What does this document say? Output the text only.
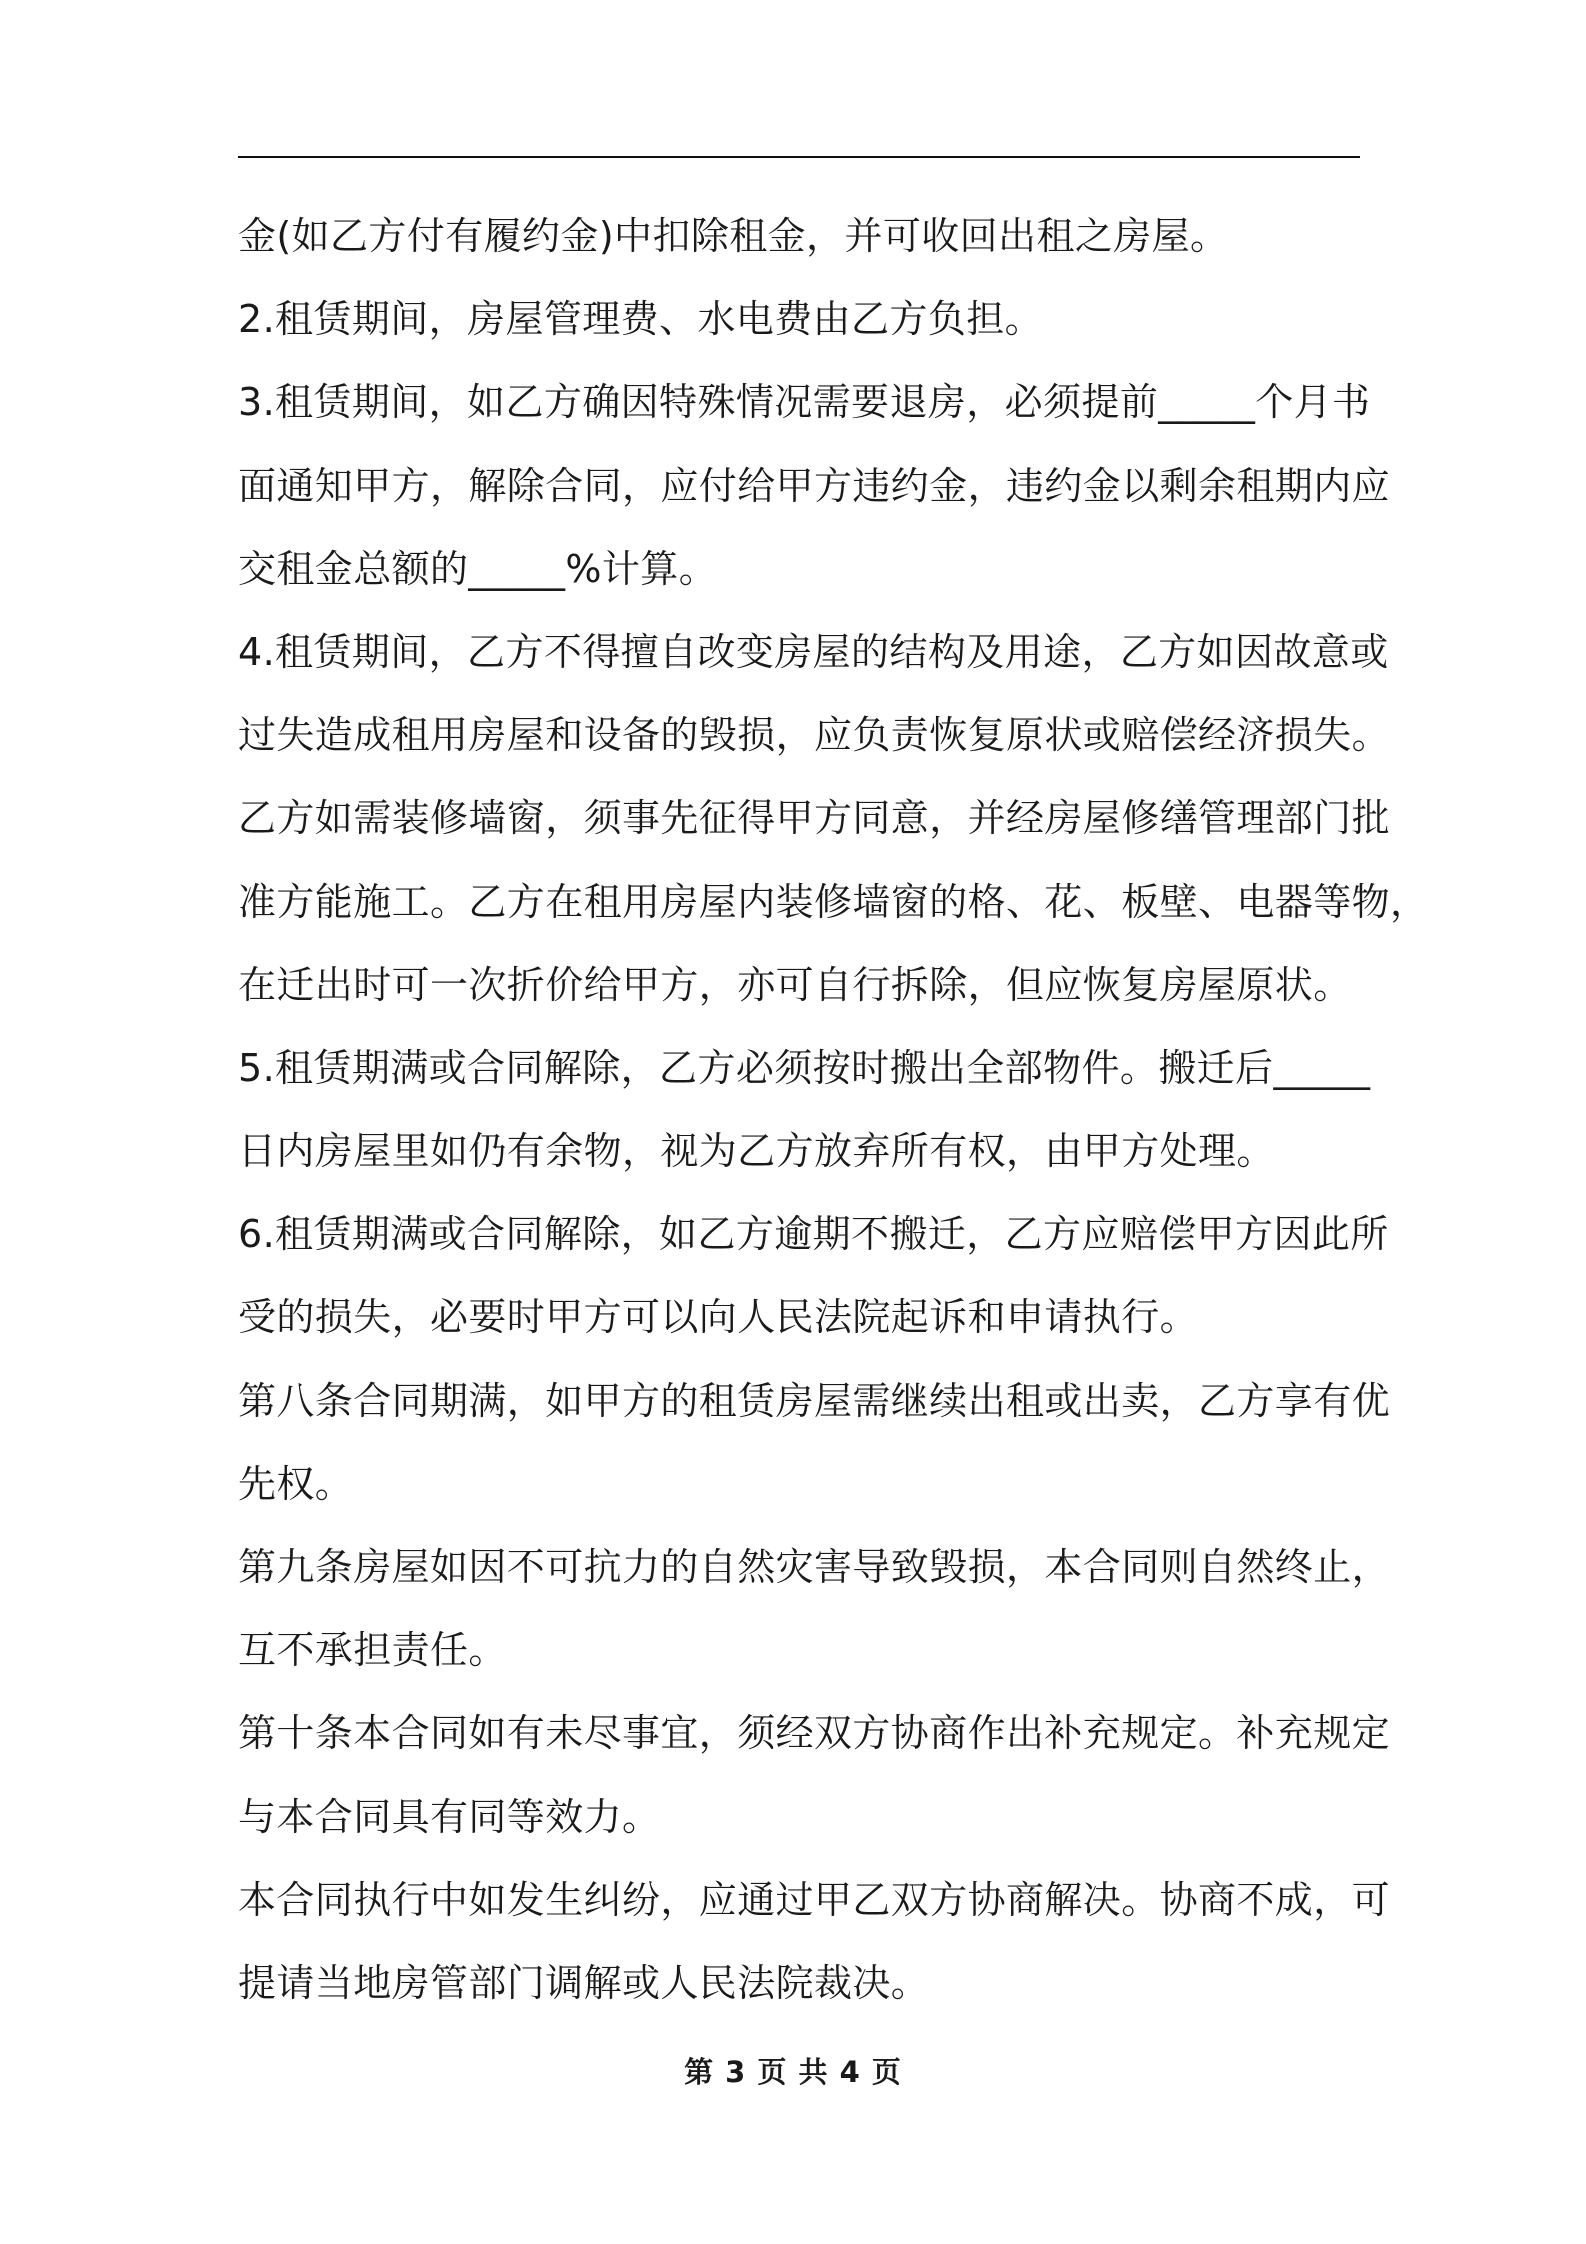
金(如乙方付有履约金)中扣除租金，并可收回出租之房屋。
2.租赁期间，房屋管理费、水电费由乙方负担。
3.租赁期间，如乙方确因特殊情况需要退房，必须提前_____个月书
面通知甲方，解除合同，应付给甲方违约金，违约金以剩余租期内应
交租金总额的_____%计算。
4.租赁期间，乙方不得擅自改变房屋的结构及用途，乙方如因故意或
过失造成租用房屋和设备的毁损，应负责恢复原状或赔偿经济损失。
乙方如需装修墙窗，须事先征得甲方同意，并经房屋修缮管理部门批
准方能施工。乙方在租用房屋内装修墙窗的格、花、板壁、电器等物，
在迁出时可一次折价给甲方，亦可自行拆除，但应恢复房屋原状。
5.租赁期满或合同解除，乙方必须按时搬出全部物件。搬迁后_____
日内房屋里如仍有余物，视为乙方放弃所有权，由甲方处理。
6.租赁期满或合同解除，如乙方逾期不搬迁，乙方应赔偿甲方因此所
受的损失，必要时甲方可以向人民法院起诉和申请执行。
第八条合同期满，如甲方的租赁房屋需继续出租或出卖，乙方享有优
先权。
第九条房屋如因不可抗力的自然灾害导致毁损，本合同则自然终止，
互不承担责任。
第十条本合同如有未尽事宜，须经双方协商作出补充规定。补充规定
与本合同具有同等效力。
本合同执行中如发生纠纷，应通过甲乙双方协商解决。协商不成，可
提请当地房管部门调解或人民法院裁决。
第 3 页 共 4 页
